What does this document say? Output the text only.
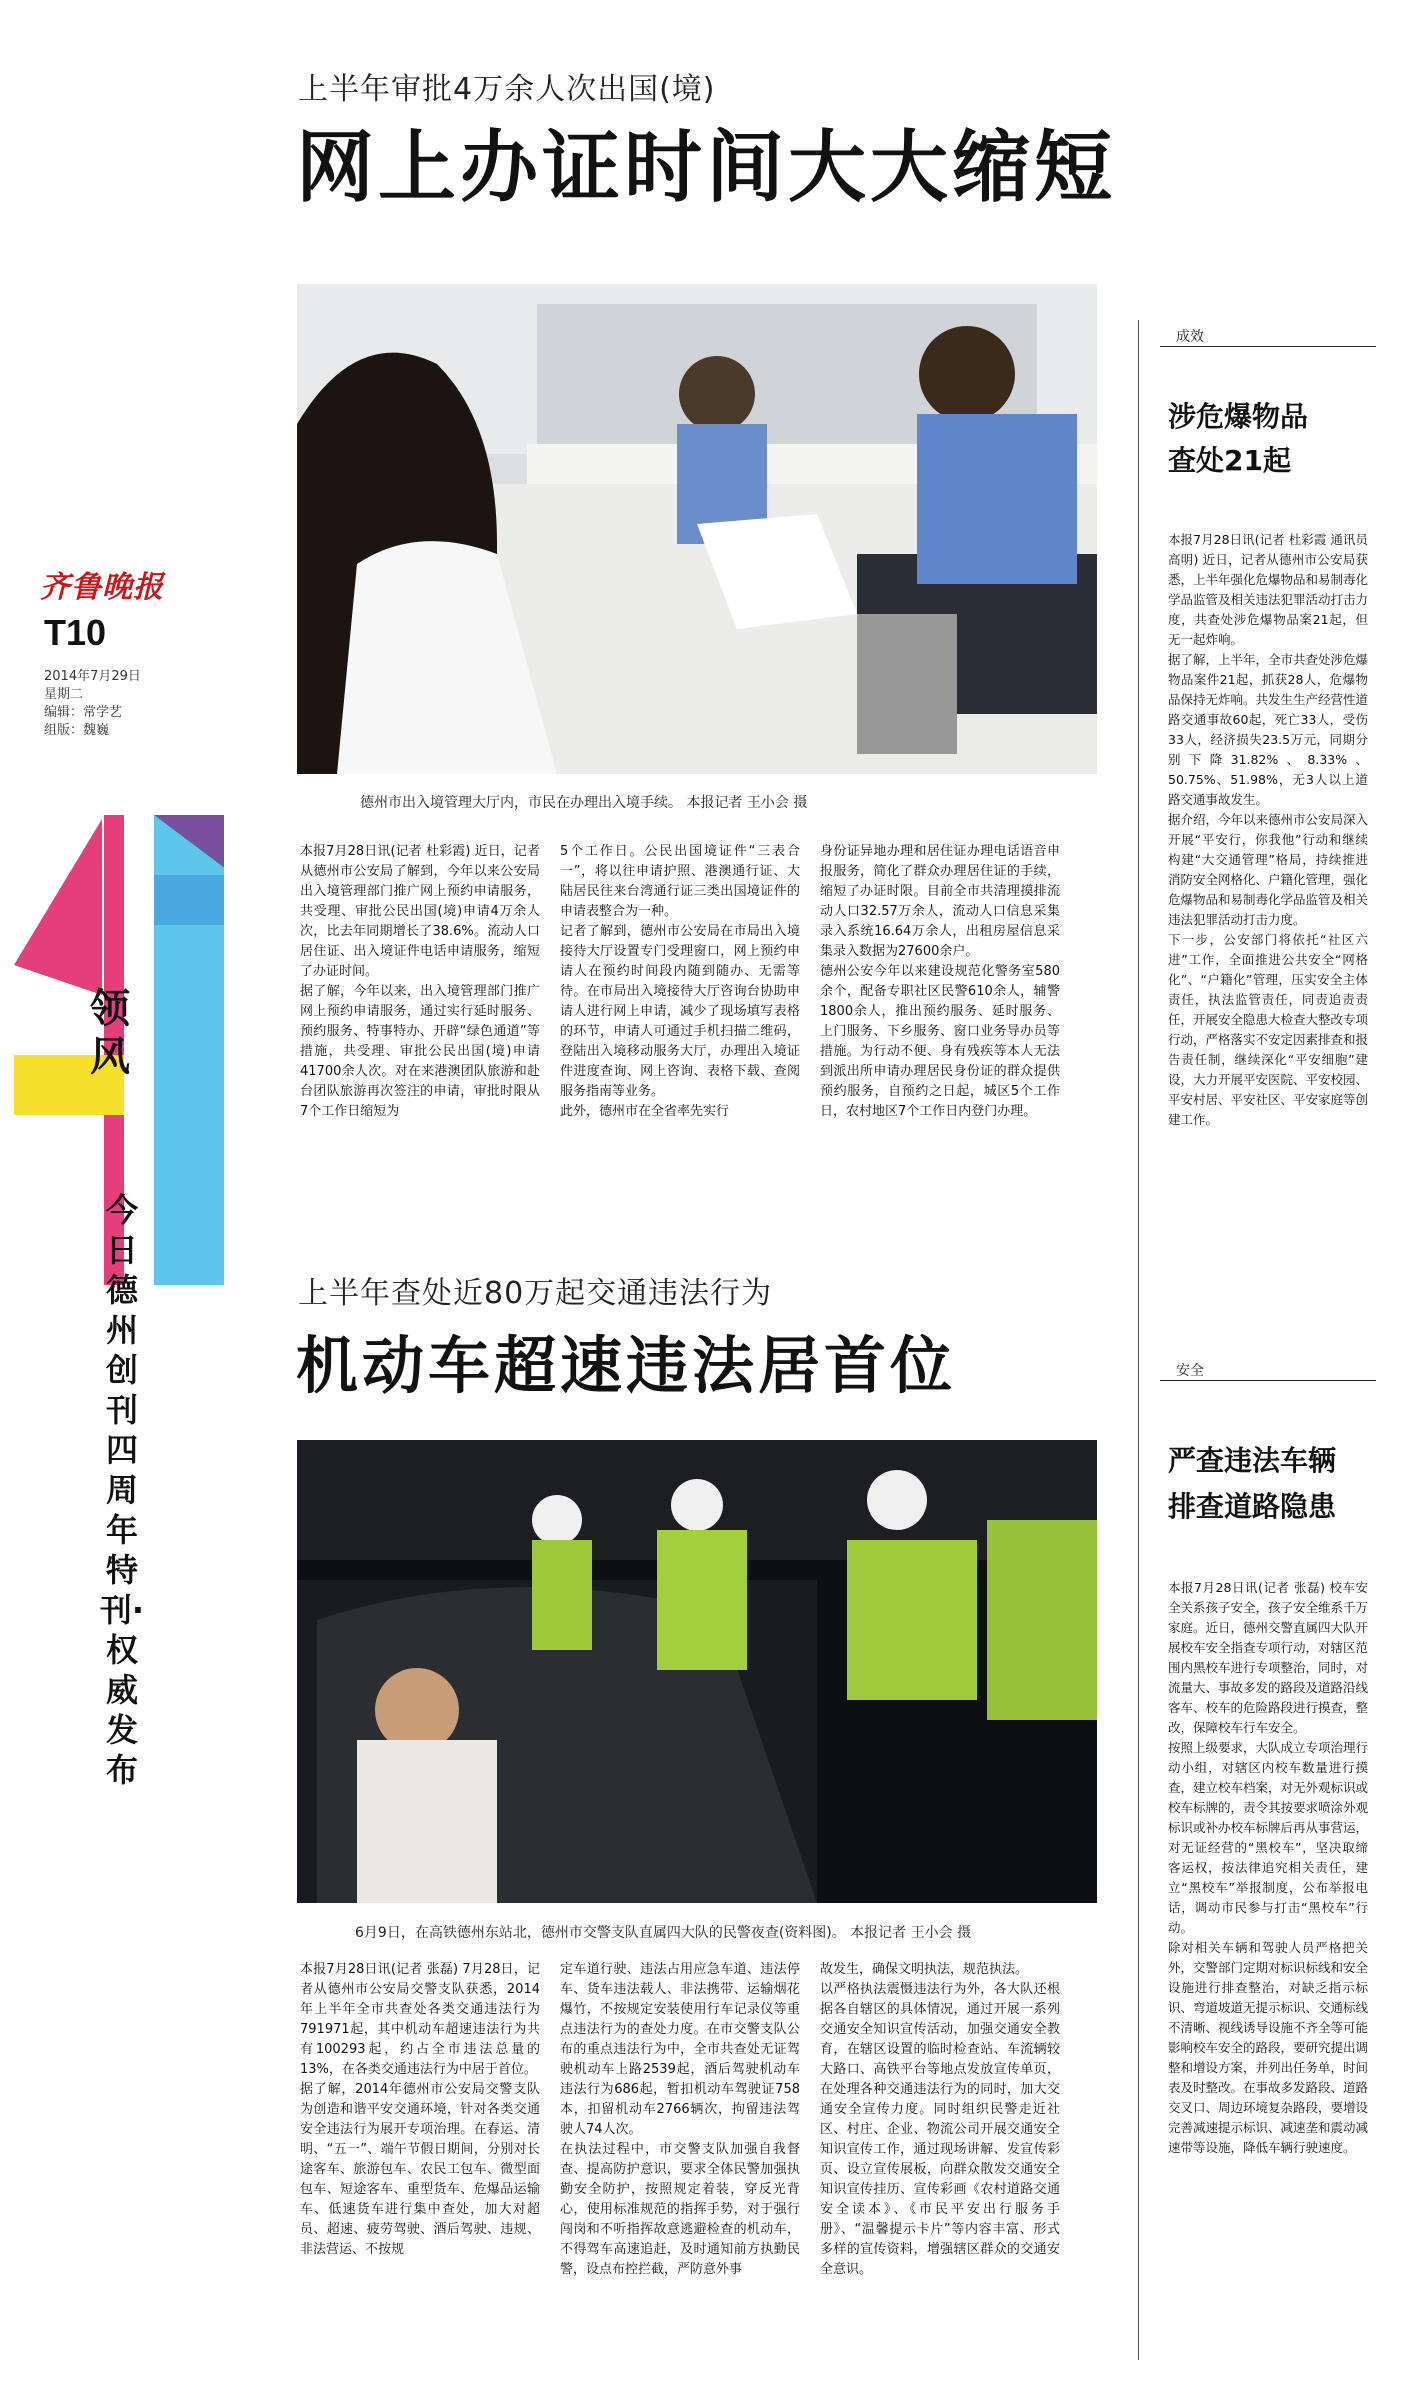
齐鲁晚报
T10
2014年7月29日
星期二
编辑：常学艺
组版：魏巍
领风
今日德州创刊四周年特刊·权威发布
上半年审批4万余人次出国(境)
网上办证时间大大缩短
德州市出入境管理大厅内，市民在办理出入境手续。 本报记者 王小会 摄
本报7月28日讯(记者 杜彩霞) 近日，记者从德州市公安局了解到，今年以来公安局出入境管理部门推广网上预约申请服务，共受理、审批公民出国(境)申请4万余人次，比去年同期增长了38.6%。流动人口居住证、出入境证件电话申请服务，缩短了办证时间。
据了解，今年以来，出入境管理部门推广网上预约申请服务，通过实行延时服务、预约服务、特事特办、开辟“绿色通道”等措施，共受理、审批公民出国(境)申请41700余人次。对在来港澳团队旅游和赴台团队旅游再次签注的申请，审批时限从7个工作日缩短为
5个工作日。公民出国境证件“三表合一”，将以往申请护照、港澳通行证、大陆居民往来台湾通行证三类出国境证件的申请表整合为一种。
记者了解到，德州市公安局在市局出入境接待大厅设置专门受理窗口，网上预约申请人在预约时间段内随到随办、无需等待。在市局出入境接待大厅咨询台协助申请人进行网上申请，减少了现场填写表格的环节，申请人可通过手机扫描二维码，登陆出入境移动服务大厅，办理出入境证件进度查询、网上咨询、表格下载、查阅服务指南等业务。
此外，德州市在全省率先实行
身份证异地办理和居住证办理电话语音申报服务，简化了群众办理居住证的手续，缩短了办证时限。目前全市共清理摸排流动人口32.57万余人，流动人口信息采集录入系统16.64万余人，出租房屋信息采集录入数据为27600余户。
德州公安今年以来建设规范化警务室580余个，配备专职社区民警610余人，辅警1800余人，推出预约服务、延时服务、上门服务、下乡服务、窗口业务导办员等措施。为行动不便、身有残疾等本人无法到派出所申请办理居民身份证的群众提供预约服务，自预约之日起，城区5个工作日，农村地区7个工作日内登门办理。
上半年查处近80万起交通违法行为
机动车超速违法居首位
6月9日，在高铁德州东站北，德州市交警支队直属四大队的民警夜查(资料图)。 本报记者 王小会 摄
本报7月28日讯(记者 张磊) 7月28日，记者从德州市公安局交警支队获悉，2014年上半年全市共查处各类交通违法行为791971起，其中机动车超速违法行为共有100293起，约占全市违法总量的13%，在各类交通违法行为中居于首位。
据了解，2014年德州市公安局交警支队为创造和谐平安交通环境，针对各类交通安全违法行为展开专项治理。在春运、清明、“五一”、端午节假日期间，分别对长途客车、旅游包车、农民工包车、微型面包车、短途客车、重型货车、危爆品运输车、低速货车进行集中查处，加大对超员、超速、疲劳驾驶、酒后驾驶、违规、非法营运、不按规
定车道行驶、违法占用应急车道、违法停车、货车违法载人、非法携带、运输烟花爆竹，不按规定安装使用行车记录仪等重点违法行为的查处力度。在市交警支队公布的重点违法行为中，全市共查处无证驾驶机动车上路2539起，酒后驾驶机动车违法行为686起，暂扣机动车驾驶证758本，扣留机动车2766辆次，拘留违法驾驶人74人次。
在执法过程中，市交警支队加强自我督查、提高防护意识，要求全体民警加强执勤安全防护，按照规定着装，穿反光背心，使用标准规范的指挥手势，对于强行闯岗和不听指挥故意逃避检查的机动车，不得驾车高速追赶，及时通知前方执勤民警，设点布控拦截，严防意外事
故发生，确保文明执法，规范执法。
以严格执法震慑违法行为外，各大队还根据各自辖区的具体情况，通过开展一系列交通安全知识宣传活动，加强交通安全教育，在辖区设置的临时检查站、车流辆较大路口、高铁平台等地点发放宣传单页，在处理各种交通违法行为的同时，加大交通安全宣传力度。同时组织民警走近社区、村庄、企业、物流公司开展交通安全知识宣传工作，通过现场讲解、发宣传彩页、设立宣传展板，向群众散发交通安全知识宣传挂历、宣传彩画《农村道路交通安全读本》、《市民平安出行服务手册》、“温馨提示卡片”等内容丰富、形式多样的宣传资料，增强辖区群众的交通安全意识。
成效
涉危爆物品
查处21起
本报7月28日讯(记者 杜彩霞 通讯员 高明) 近日，记者从德州市公安局获悉，上半年强化危爆物品和易制毒化学品监管及相关违法犯罪活动打击力度，共查处涉危爆物品案21起，但无一起炸响。
据了解，上半年，全市共查处涉危爆物品案件21起，抓获28人，危爆物品保持无炸响。共发生生产经营性道路交通事故60起，死亡33人，受伤33人，经济损失23.5万元，同期分别下降31.82%、8.33%、50.75%、51.98%，无3人以上道路交通事故发生。
据介绍，今年以来德州市公安局深入开展“平安行，你我他”行动和继续构建“大交通管理”格局，持续推进消防安全网格化、户籍化管理，强化危爆物品和易制毒化学品监管及相关违法犯罪活动打击力度。
下一步，公安部门将依托“社区六进”工作，全面推进公共安全“网格化”、“户籍化”管理，压实安全主体责任，执法监管责任，同责追责责任，开展安全隐患大检查大整改专项行动，严格落实不安定因素排查和报告责任制，继续深化“平安细胞”建设，大力开展平安医院、平安校园、平安村居、平安社区、平安家庭等创建工作。
安全
严查违法车辆
排查道路隐患
本报7月28日讯(记者 张磊) 校车安全关系孩子安全，孩子安全维系千万家庭。近日，德州交警直属四大队开展校车安全指查专项行动，对辖区范围内黑校车进行专项整治，同时，对流量大、事故多发的路段及道路沿线客车、校车的危险路段进行摸查，整改，保障校车行车安全。
按照上级要求，大队成立专项治理行动小组，对辖区内校车数量进行摸查，建立校车档案，对无外观标识或校车标牌的，责令其按要求喷涂外观标识或补办校车标牌后再从事营运，对无证经营的“黑校车”，坚决取缔客运权，按法律追究相关责任，建立“黑校车”举报制度，公布举报电话，调动市民参与打击“黑校车”行动。
除对相关车辆和驾驶人员严格把关外，交警部门定期对标识标线和安全设施进行排查整治，对缺乏指示标识、弯道坡道无提示标识、交通标线不清晰、视线诱导设施不齐全等可能影响校车安全的路段，要研究提出调整和增设方案，并列出任务单，时间表及时整改。在事故多发路段、道路交叉口、周边环境复杂路段，要增设完善减速提示标识、减速垄和震动减速带等设施，降低车辆行驶速度。
